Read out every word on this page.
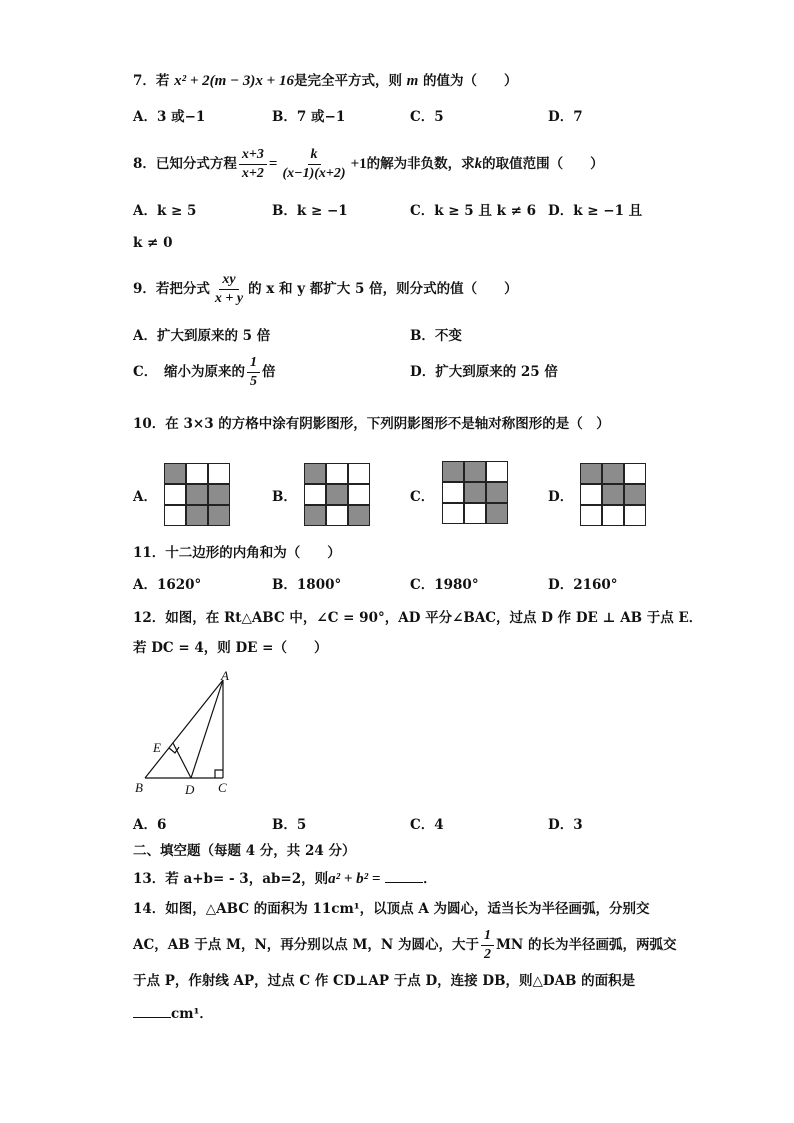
7．若 x² + 2(m − 3)x + 16是完全平方式，则 m 的值为（　　）
A．3 或−1	B．7 或−1	C．5	D．7
8．已知分式方程 $\frac{x+3}{x+2} = \frac{k}{(x-1)(x+2)} +1$的解为非负数，求k的取值范围（　　）
A．k ≥ 5	B．k ≥ −1	C．k ≥ 5 且 k ≠ 6 D．k ≥ −1 且
k ≠ 0
9．若把分式 $\frac{xy}{x + y}$ 的 x 和 y 都扩大 5 倍，则分式的值（　　）
A．扩大到原来的 5 倍	B．不变
C．　缩小为原来的 $\frac{1}{5}$ 倍	D．扩大到原来的 25 倍
10．在 3×3 的方格中涂有阴影图形，下列阴影图形不是轴对称图形的是（　）
A．	B．	C．	D．
11．十二边形的内角和为（　　）
A．1620°	B．1800°	C．1980°	D．2160°
12．如图，在 Rt△ABC 中，∠C = 90°，AD 平分∠BAC，过点 D 作 DE ⊥ AB 于点 E．
若 DC = 4，则 DE =（　　）
A
B	C
D
E
A．6	B．5	C．4	D．3
二、填空题（每题 4 分，共 24 分）
13．若 a+b= - 3，ab=2，则a² + b² =	．
14．如图，△ABC 的面积为 11cm¹，以顶点 A 为圆心，适当长为半径画弧，分别交
AC，AB 于点 M，N，再分别以点 M，N 为圆心，大于 $\frac{1}{2}$ MN 的长为半径画弧，两弧交
于点 P，作射线 AP，过点 C 作 CD⊥AP 于点 D，连接 DB，则△DAB 的面积是
cm¹．
